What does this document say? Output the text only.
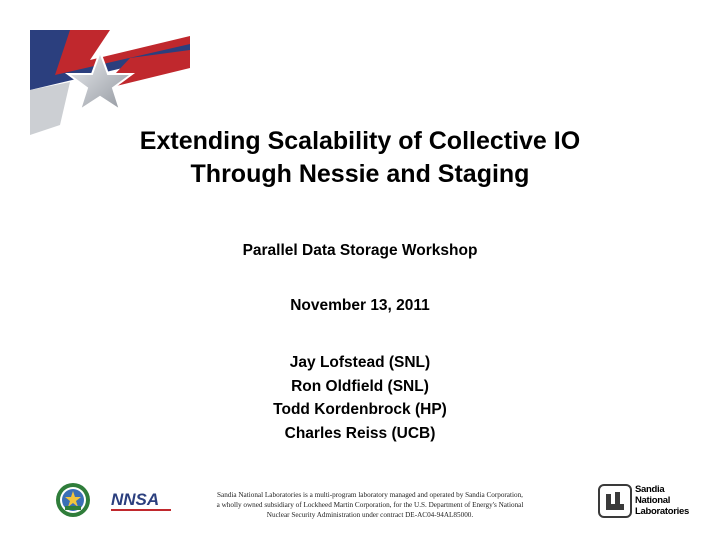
Extending Scalability of Collective IO
Through Nessie and Staging
Parallel Data Storage Workshop
November 13, 2011
Jay Lofstead (SNL)
Ron Oldfield (SNL)
Todd Kordenbrock (HP)
Charles Reiss (UCB)
NNSA	Sandia National Laboratories is a multi-program laboratory managed and operated by Sandia Corporation,
a wholly owned subsidiary of Lockheed Martin Corporation, for the U.S. Department of Energy's National
Nuclear Security Administration under contract DE-AC04-94AL85000.
Sandia
National
Laboratories
